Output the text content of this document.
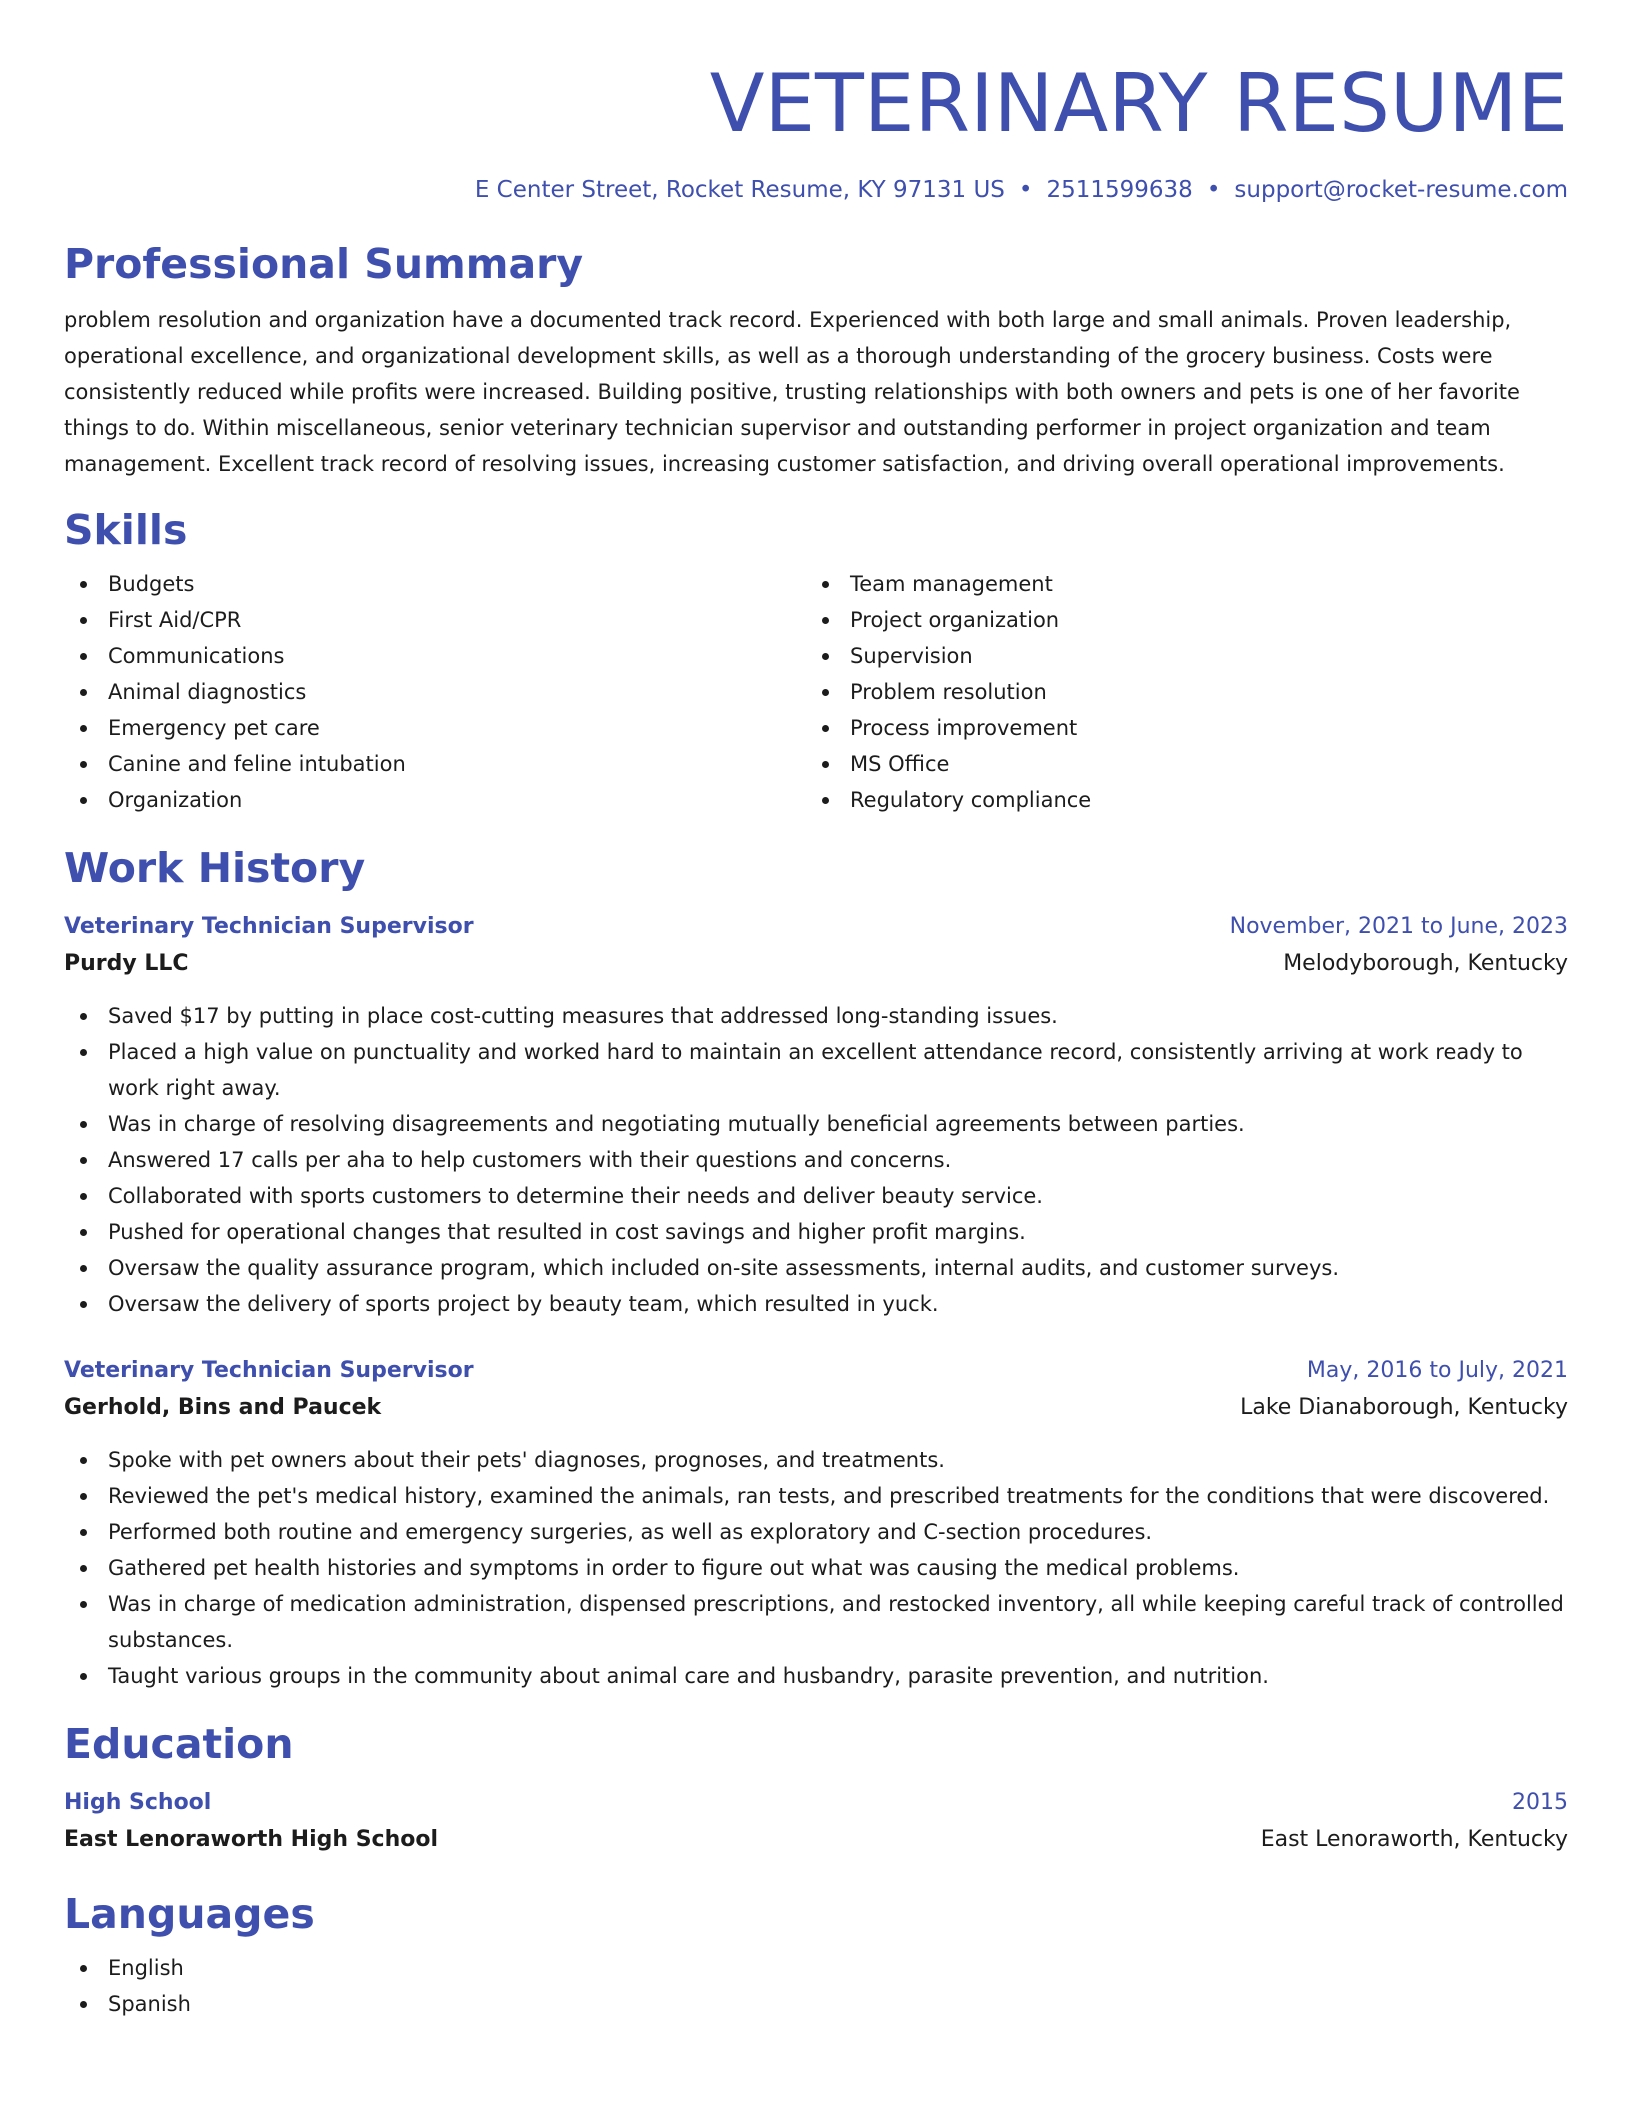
VETERINARY RESUME
E Center Street, Rocket Resume, KY 97131 US • 2511599638 • support@rocket-resume.com
Professional Summary

problem resolution and organization have a documented track record. Experienced with both large and small animals. Proven leadership, operational excellence, and organizational development skills, as well as a thorough understanding of the grocery business. Costs were consistently reduced while profits were increased. Building positive, trusting relationships with both owners and pets is one of her favorite things to do. Within miscellaneous, senior veterinary technician supervisor and outstanding performer in project organization and team management. Excellent track record of resolving issues, increasing customer satisfaction, and driving overall operational improvements.

Skills
Budgets
First Aid/CPR
Communications
Animal diagnostics
Emergency pet care
Canine and feline intubation
Organization
Team management
Project organization
Supervision
Problem resolution
Process improvement
MS Office
Regulatory compliance
Work History
Veterinary Technician Supervisor	November, 2021 to June, 2023
Purdy LLC	Melodyborough, Kentucky
Saved $17 by putting in place cost-cutting measures that addressed long-standing issues.
Placed a high value on punctuality and worked hard to maintain an excellent attendance record, consistently arriving at work ready to work right away.
Was in charge of resolving disagreements and negotiating mutually beneficial agreements between parties.
Answered 17 calls per aha to help customers with their questions and concerns.
Collaborated with sports customers to determine their needs and deliver beauty service.
Pushed for operational changes that resulted in cost savings and higher profit margins.
Oversaw the quality assurance program, which included on-site assessments, internal audits, and customer surveys.
Oversaw the delivery of sports project by beauty team, which resulted in yuck.
Veterinary Technician Supervisor	May, 2016 to July, 2021
Gerhold, Bins and Paucek	Lake Dianaborough, Kentucky
Spoke with pet owners about their pets' diagnoses, prognoses, and treatments.
Reviewed the pet's medical history, examined the animals, ran tests, and prescribed treatments for the conditions that were discovered.
Performed both routine and emergency surgeries, as well as exploratory and C-section procedures.
Gathered pet health histories and symptoms in order to figure out what was causing the medical problems.
Was in charge of medication administration, dispensed prescriptions, and restocked inventory, all while keeping careful track of controlled substances.
Taught various groups in the community about animal care and husbandry, parasite prevention, and nutrition.
Education
High School	2015
East Lenoraworth High School	East Lenoraworth, Kentucky
Languages
English
Spanish
